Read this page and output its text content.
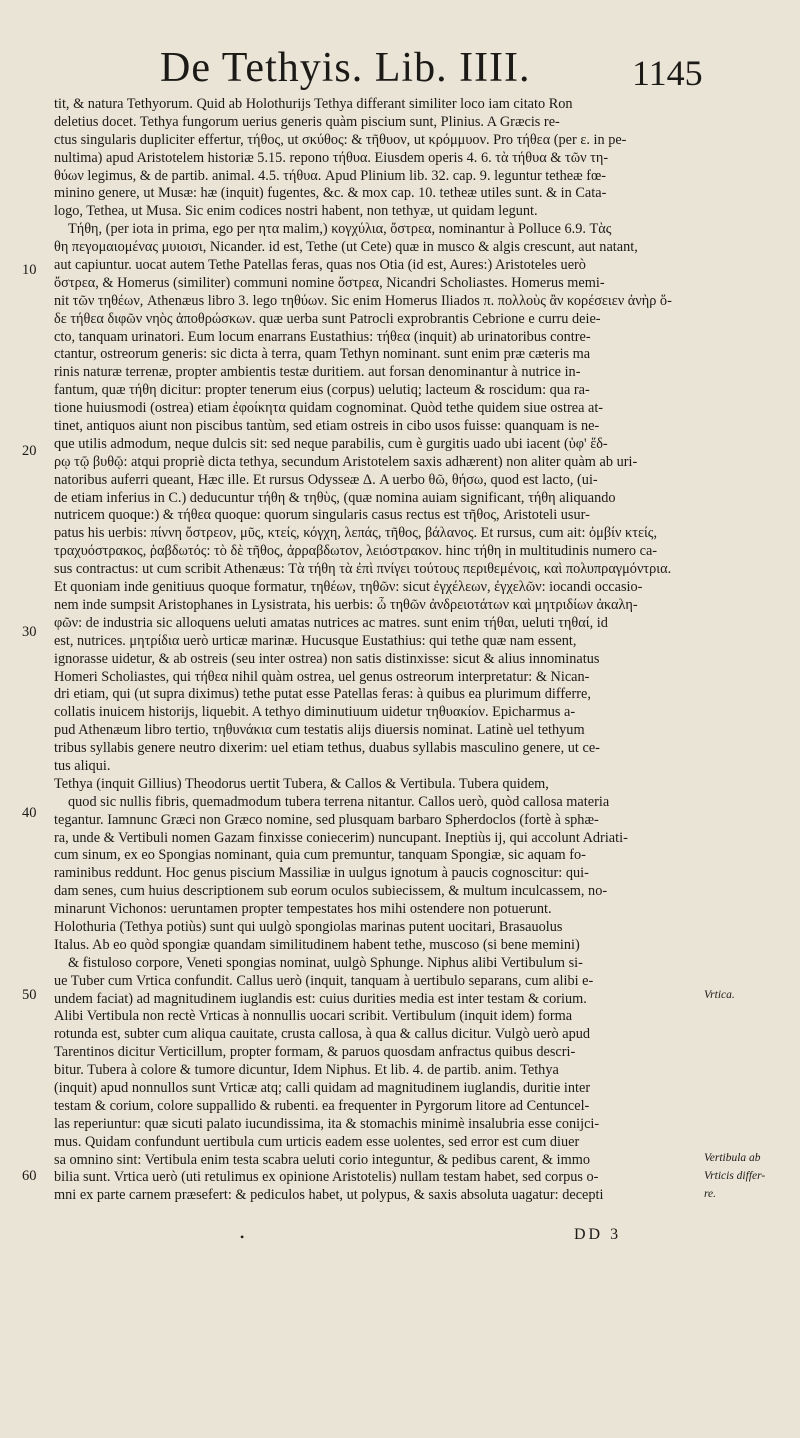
De Tethyis. Lib. IIII.	1145
tit, & natura Tethyorum. Quid ab Holothurijs Tethya differant similiter loco iam citato Ron
deletius docet. Tethya fungorum uerius generis quàm piscium sunt, Plinius. A Græcis re-
ctus singularis dupliciter effertur, τήθος, ut σκύθος: & τῆθυον, ut κρόμμυον. Pro τήθεα (per ε. in pe-
nultima) apud Aristotelem historiæ 5.15. repono τήθυα. Eiusdem operis 4. 6. τὰ τήθυα & τῶν τη-
θύων legimus, & de partib. animal. 4.5. τήθυα. Apud Plinium lib. 32. cap. 9. leguntur tetheæ fœ-
minino genere, ut Musæ: hæ (inquit) fugentes, &c. & mox cap. 10. tetheæ utiles sunt. & in Cata-
logo, Tethea, ut Musa. Sic enim codices nostri habent, non tethyæ, ut quidam legunt.
Τήθη, (per iota in prima, ego per ητα malim,) κογχύλια, ὄστρεα, nominantur à Polluce 6.9. Τὰς
θη πεγομαιομένας μυιοισι, Nicander. id est, Tethe (ut Cete) quæ in musco & algis crescunt, aut natant,
aut capiuntur. uocat autem Tethe Patellas feras, quas nos Otia (id est, Aures:) Aristoteles uerò
ὄστρεα, & Homerus (similiter) communi nomine ὄστρεα, Nicandri Scholiastes. Homerus memi-
nit τῶν τηθέων, Athenæus libro 3. lego τηθύων. Sic enim Homerus Iliados π. πολλοὺς ἂν κορέσειεν ἀνὴρ ὅ-
δε τήθεα διφῶν νηὸς ἀποθρώσκων. quæ uerba sunt Patrocli exprobrantis Cebrione e curru deie-
cto, tanquam urinatori. Eum locum enarrans Eustathius: τήθεα (inquit) ab urinatoribus contre-
ctantur, ostreorum generis: sic dicta à terra, quam Tethyn nominant. sunt enim præ cæteris ma
rinis naturæ terrenæ, propter ambientis testæ duritiem. aut forsan denominantur à nutrice in-
fantum, quæ τήθη dicitur: propter tenerum eius (corpus) uelutiq; lacteum & roscidum: qua ra-
tione huiusmodi (ostrea) etiam ἐφοίκητα quidam cognominat. Quòd tethe quidem siue ostrea at-
tinet, antiquos aiunt non piscibus tantùm, sed etiam ostreis in cibo usos fuisse: quanquam is ne-
que utilis admodum, neque dulcis sit: sed neque parabilis, cum è gurgitis uado ubi iacent (ὑφ' ἕδ-
ρῳ τῷ βυθῷ: atqui propriè dicta tethya, secundum Aristotelem saxis adhærent) non aliter quàm ab uri-
natoribus auferri queant, Hæc ille. Et rursus Odysseæ Δ. A uerbo θῶ, θήσω, quod est lacto, (ui-
de etiam inferius in C.) deducuntur τήθη & τηθὺς, (quæ nomina auiam significant, τήθη aliquando
nutricem quoque:) & τήθεα quoque: quorum singularis casus rectus est τῆθος, Aristoteli usur-
patus his uerbis: πίννη ὄστρεον, μῦς, κτείς, κόγχη, λεπάς, τῆθος, βάλανος. Et rursus, cum ait: ὀμβίν κτείς,
τραχυόστρακος, ῥαβδωτός: τὸ δὲ τῆθος, ἀρραβδωτον, λειόστρακον. hinc τήθη in multitudinis numero ca-
sus contractus: ut cum scribit Athenæus: Τὰ τήθη τὰ ἐπὶ πνίγει τούτους περιθεμένοις, καὶ πολυπραγμόντρια.
Et quoniam inde genitiuus quoque formatur, τηθέων, τηθῶν: sicut ἐγχέλεων, ἐγχελῶν: iocandi occasio-
nem inde sumpsit Aristophanes in Lysistrata, his uerbis: ὦ τηθῶν ἀνδρειοτάτων καὶ μητριδίων ἀκαλη-
φῶν: de industria sic alloquens ueluti amatas nutrices ac matres. sunt enim τήθαι, ueluti τηθαί, id
est, nutrices. μητρίδια uerò urticæ marinæ. Hucusque Eustathius: qui tethe quæ nam essent,
ignorasse uidetur, & ab ostreis (seu inter ostrea) non satis distinxisse: sicut & alius innominatus
Homeri Scholiastes, qui τήθεα nihil quàm ostrea, uel genus ostreorum interpretatur: & Nican-
dri etiam, qui (ut supra diximus) tethe putat esse Patellas feras: à quibus ea plurimum differre,
collatis inuicem historijs, liquebit. A tethyo diminutiuum uidetur τηθυακίον. Epicharmus a-
pud Athenæum libro tertio, τηθυνάκια cum testatis alijs diuersis nominat. Latinè uel tethyum
tribus syllabis genere neutro dixerim: uel etiam tethus, duabus syllabis masculino genere, ut ce-
tus aliqui.
Tethya (inquit Gillius) Theodorus uertit Tubera, & Callos & Vertibula. Tubera quidem,
quod sic nullis fibris, quemadmodum tubera terrena nitantur. Callos uerò, quòd callosa materia
tegantur. Iamnunc Græci non Græco nomine, sed plusquam barbaro Spherdoclos (fortè à sphæ-
ra, unde & Vertibuli nomen Gazam finxisse coniecerim) nuncupant. Ineptiùs ij, qui accolunt Adriati-
cum sinum, ex eo Spongias nominant, quia cum premuntur, tanquam Spongiæ, sic aquam fo-
raminibus reddunt. Hoc genus piscium Massiliæ in uulgus ignotum à paucis cognoscitur: qui-
dam senes, cum huius descriptionem sub eorum oculos subiecissem, & multum inculcassem, no-
minarunt Vichonos: ueruntamen propter tempestates hos mihi ostendere non potuerunt.
Holothuria (Tethya potiùs) sunt qui uulgò spongiolas marinas putent uocitari, Brasauolus
Italus. Ab eo quòd spongiæ quandam similitudinem habent tethe, muscoso (si bene memini)
& fistuloso corpore, Veneti spongias nominat, uulgò Sphunge. Niphus alibi Vertibulum si-
ue Tuber cum Vrtica confundit. Callus uerò (inquit, tanquam à uertibulo separans, cum alibi e-
undem faciat) ad magnitudinem iuglandis est: cuius durities media est inter testam & corium.
Alibi Vertibula non rectè Vrticas à nonnullis uocari scribit. Vertibulum (inquit idem) forma
rotunda est, subter cum aliqua cauitate, crusta callosa, à qua & callus dicitur. Vulgò uerò apud
Tarentinos dicitur Verticillum, propter formam, & paruos quosdam anfractus quibus descri-
bitur. Tubera à colore & tumore dicuntur, Idem Niphus. Et lib. 4. de partib. anim. Tethya
(inquit) apud nonnullos sunt Vrticæ atq; calli quidam ad magnitudinem iuglandis, duritie inter
testam & corium, colore suppallido & rubenti. ea frequenter in Pyrgorum litore ad Centuncel-
las reperiuntur: quæ sicuti palato iucundissima, ita & stomachis minimè insalubria esse conijci-
mus. Quidam confundunt uertibula cum urticis eadem esse uolentes, sed error est cum diuer
sa omnino sint: Vertibula enim testa scabra ueluti corio integuntur, & pedibus carent, & immo
bilia sunt. Vrtica uerò (uti retulimus ex opinione Aristotelis) nullam testam habet, sed corpus o-
mni ex parte carnem præsefert: & pediculos habet, ut polypus, & saxis absoluta uagatur: decepti
10
20
30
40
50
60
Vrtica.
Vertibula ab
Vrticis differ-
re.
•	DD 3
